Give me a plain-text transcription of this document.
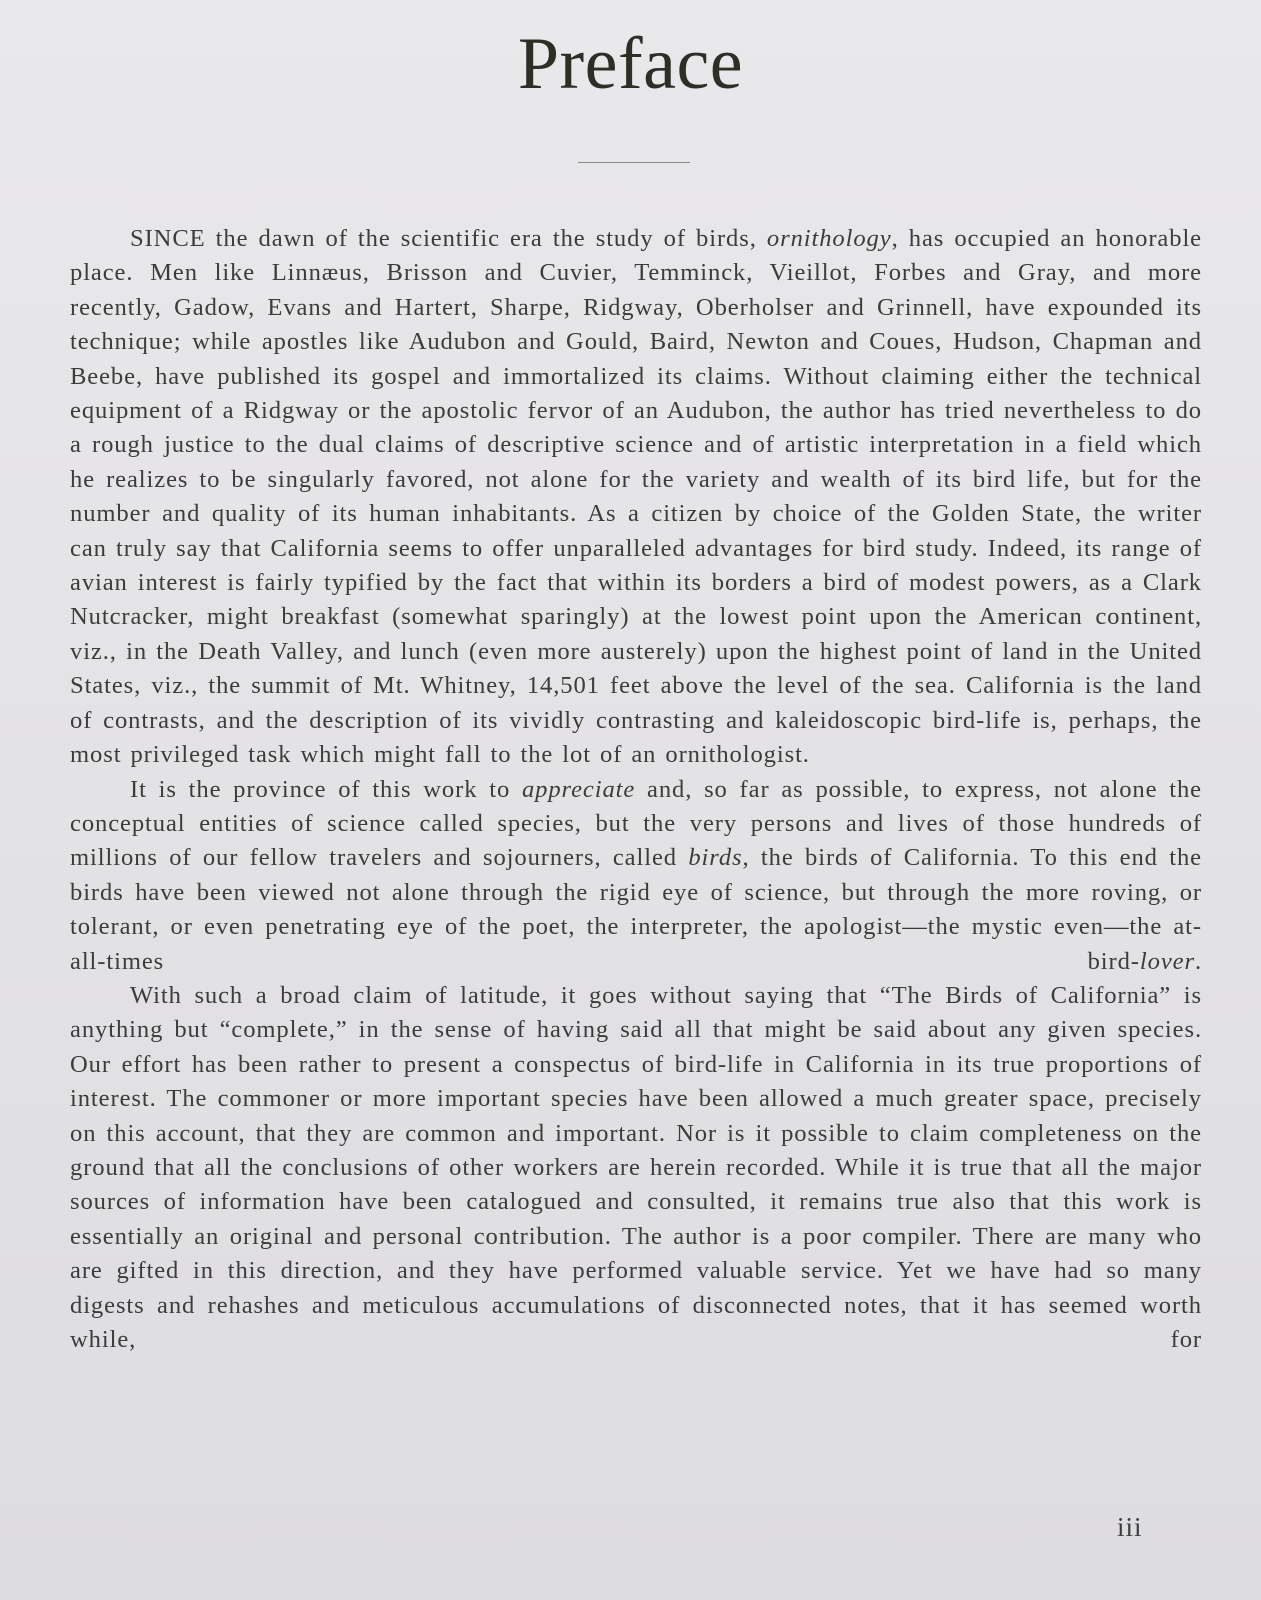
Preface

SINCE the dawn of the scientific era the study of birds, ornithology, has occupied an honorable place. Men like Linnæus, Brisson and Cuvier, Temminck, Vieillot, Forbes and Gray, and more recently, Gadow, Evans and Hartert, Sharpe, Ridgway, Oberholser and Grinnell, have expounded its technique; while apostles like Audubon and Gould, Baird, Newton and Coues, Hudson, Chapman and Beebe, have published its gospel and immortalized its claims. Without claiming either the technical equipment of a Ridgway or the apostolic fervor of an Audubon, the author has tried nevertheless to do a rough justice to the dual claims of descriptive science and of artistic interpretation in a field which he realizes to be singularly favored, not alone for the variety and wealth of its bird life, but for the number and quality of its human inhabitants. As a citizen by choice of the Golden State, the writer can truly say that California seems to offer unparalleled advantages for bird study. Indeed, its range of avian interest is fairly typified by the fact that within its borders a bird of modest powers, as a Clark Nutcracker, might breakfast (somewhat sparingly) at the lowest point upon the American continent, viz., in the Death Valley, and lunch (even more austerely) upon the highest point of land in the United States, viz., the summit of Mt. Whitney, 14,501 feet above the level of the sea. California is the land of contrasts, and the description of its vividly contrasting and kaleidoscopic bird-life is, perhaps, the most privileged task which might fall to the lot of an ornithologist.

It is the province of this work to appreciate and, so far as possible, to express, not alone the conceptual entities of science called species, but the very persons and lives of those hundreds of millions of our fellow travelers and sojourners, called birds, the birds of California. To this end the birds have been viewed not alone through the rigid eye of science, but through the more roving, or tolerant, or even penetrating eye of the poet, the interpreter, the apologist—the mystic even—the at-all-times bird-lover.

With such a broad claim of latitude, it goes without saying that “The Birds of California” is anything but “complete,” in the sense of having said all that might be said about any given species. Our effort has been rather to present a conspectus of bird-life in California in its true proportions of interest. The commoner or more important species have been allowed a much greater space, precisely on this account, that they are common and important. Nor is it possible to claim completeness on the ground that all the conclusions of other workers are herein recorded. While it is true that all the major sources of information have been catalogued and consulted, it remains true also that this work is essentially an original and personal contribution. The author is a poor compiler. There are many who are gifted in this direction, and they have performed valuable service. Yet we have had so many digests and rehashes and meticulous accumulations of disconnected notes, that it has seemed worth while, for

iii
